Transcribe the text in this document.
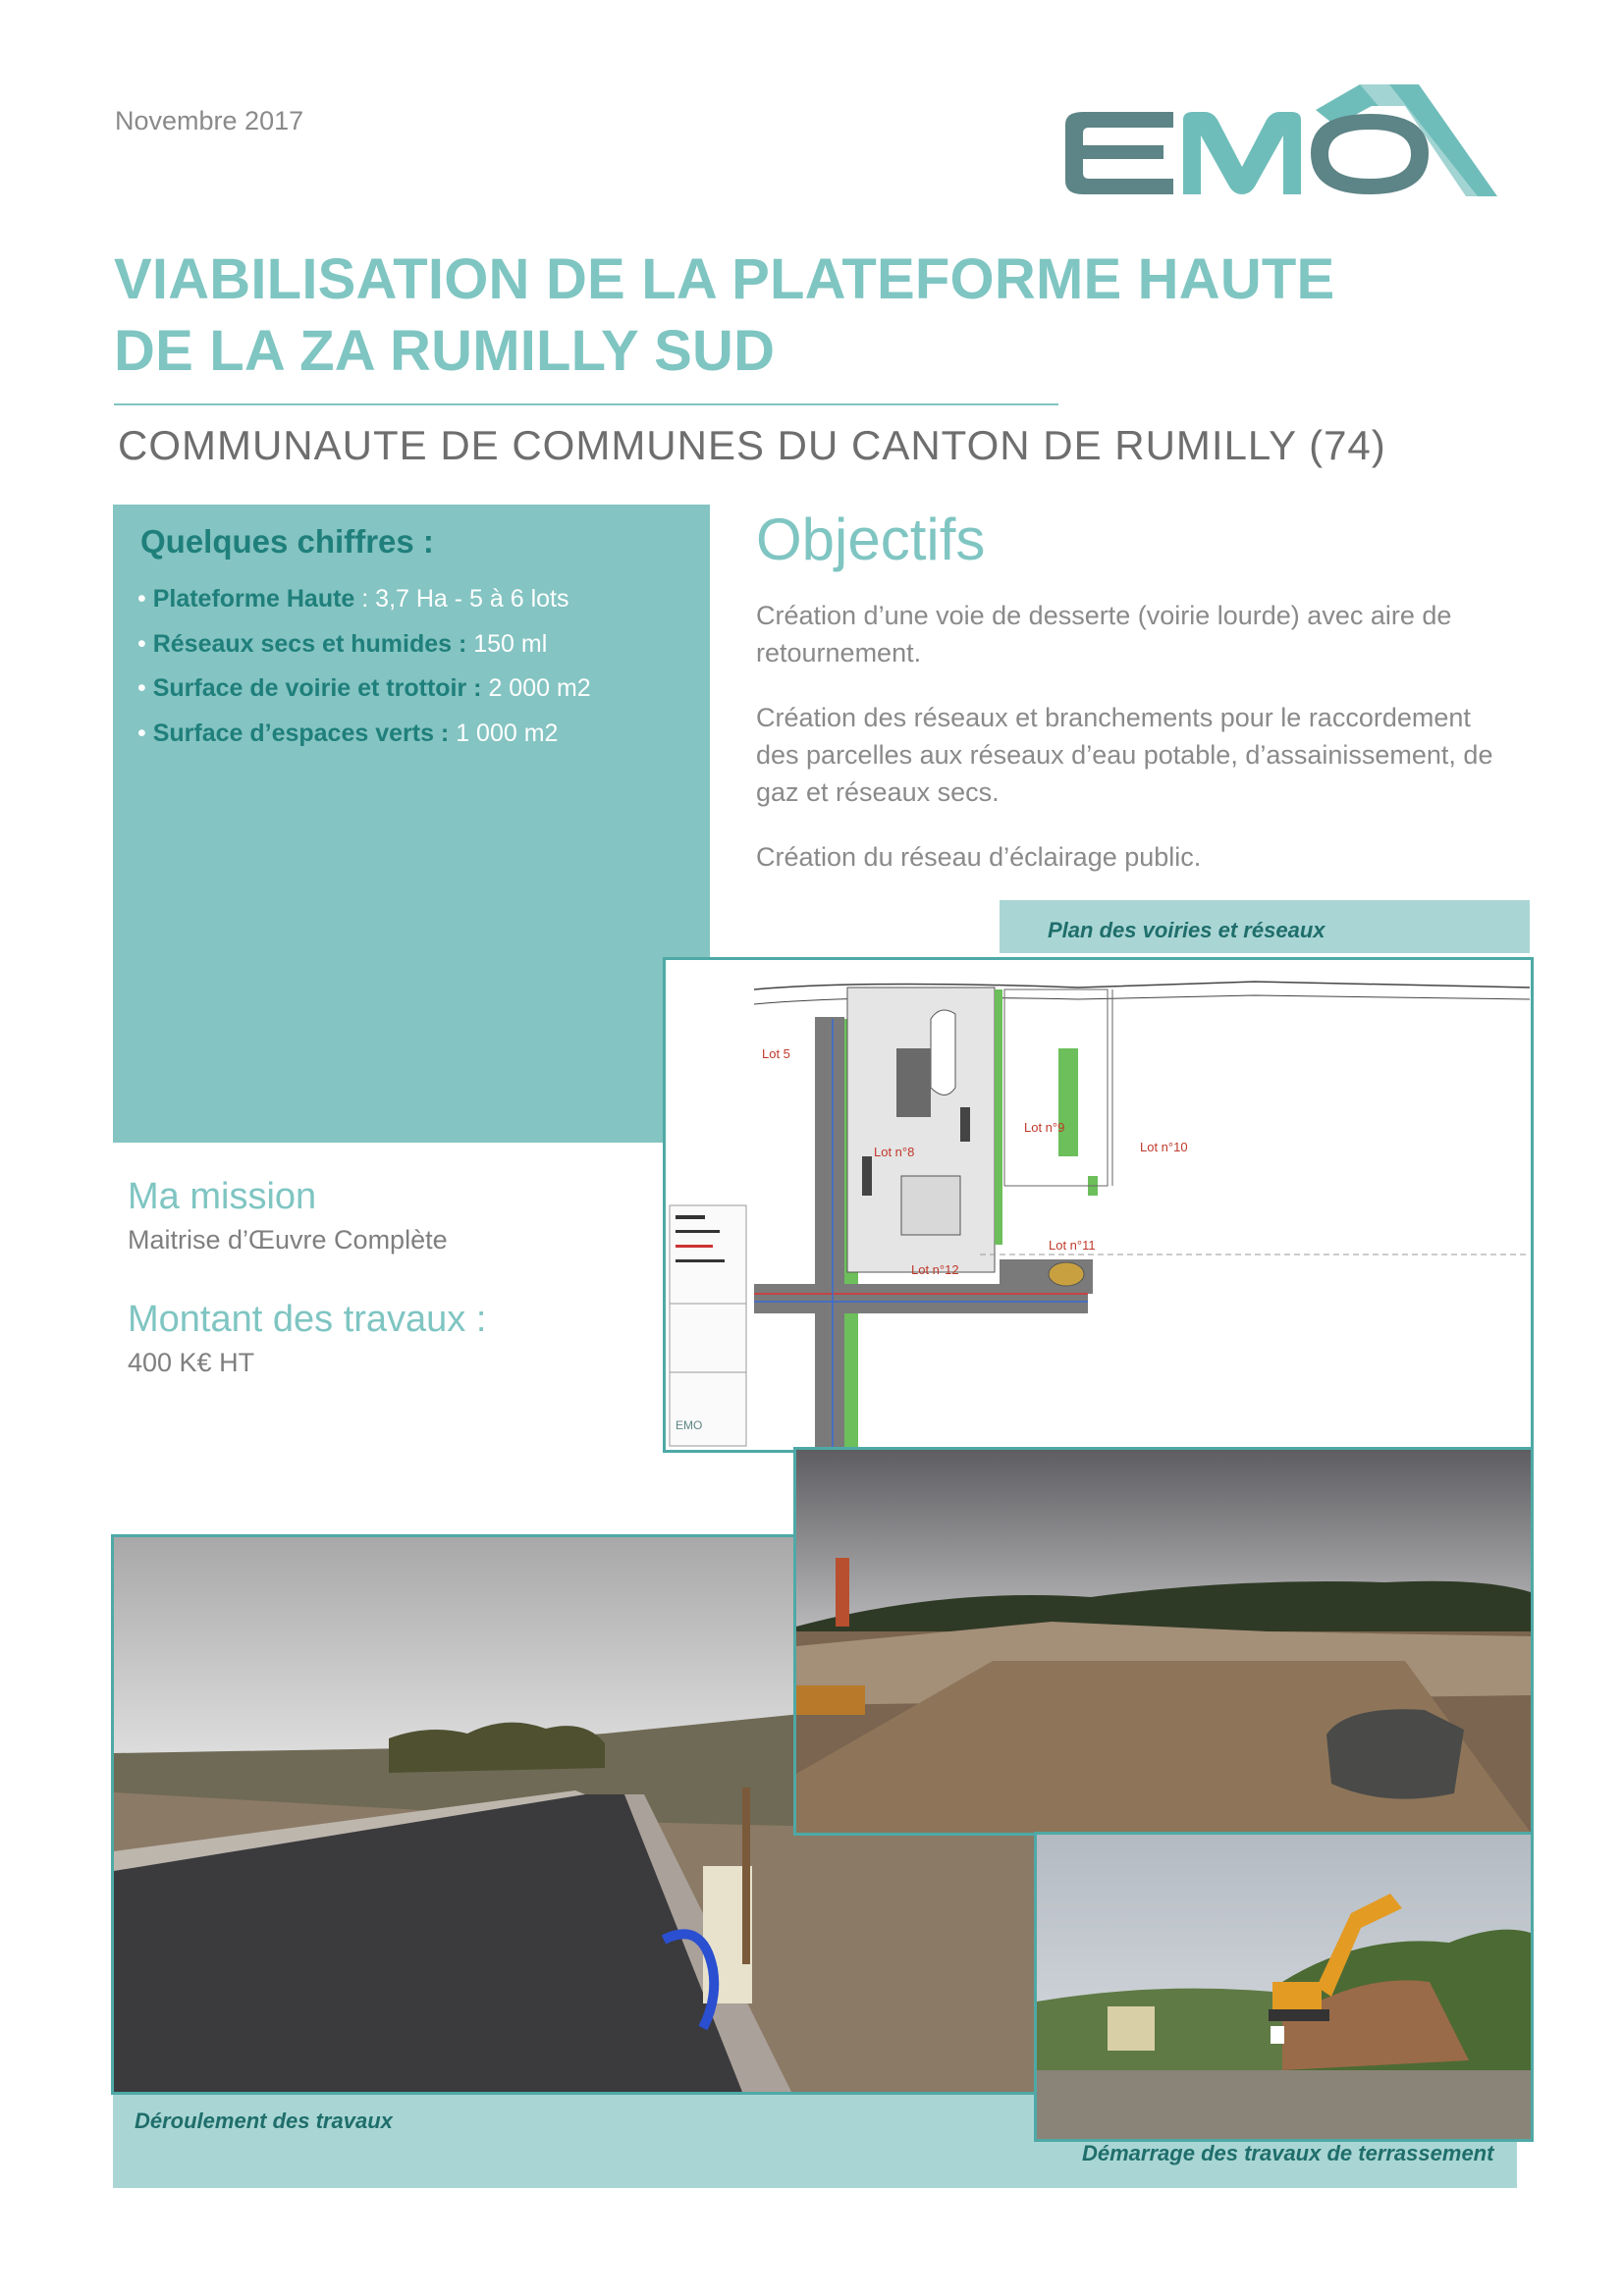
Novembre 2017
VIABILISATION DE LA PLATEFORME HAUTE
DE LA ZA RUMILLY SUD
COMMUNAUTE DE COMMUNES DU CANTON DE RUMILLY (74)
Quelques chiffres :
• Plateforme Haute : 3,7 Ha - 5 à 6 lots
• Réseaux secs et humides : 150 ml
• Surface de voirie et trottoir : 2 000 m2
• Surface d’espaces verts : 1 000 m2
Objectifs

Création d’une voie de desserte (voirie lourde) avec aire de retournement.

Création des réseaux et branchements pour le raccordement des parcelles aux réseaux d’eau potable, d’assainissement, de gaz et réseaux secs.

Création du réseau d’éclairage public.

Plan des voiries et réseaux
EMO
Lot 5
Lot n°8
Lot n°9
Lot n°10
Lot n°11
Lot n°12
Ma mission
Maitrise d’Œuvre Complète
Montant des travaux :
400 K€ HT
Déroulement des travaux
Démarrage des travaux de terrassement
